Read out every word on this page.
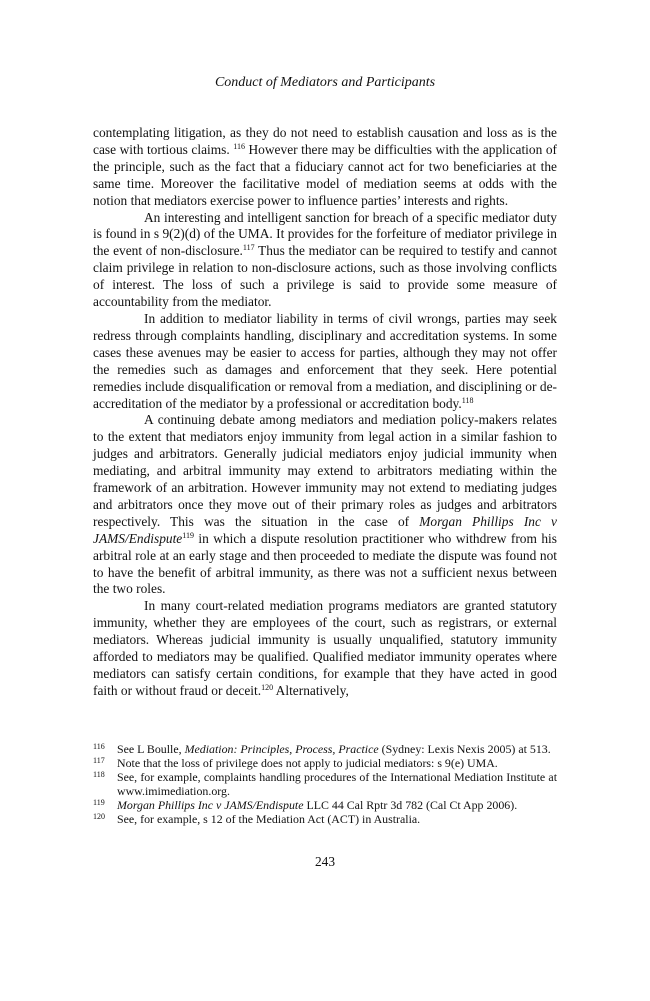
Conduct of Mediators and Participants

contemplating litigation, as they do not need to establish causation and loss as is the case with tortious claims. $^{116}$ However there may be difficulties with the application of the principle, such as the fact that a fiduciary cannot act for two beneficiaries at the same time. Moreover the facilitative model of mediation seems at odds with the notion that mediators exercise power to influence parties’ interests and rights.

An interesting and intelligent sanction for breach of a specific mediator duty is found in s 9(2)(d) of the UMA. It provides for the forfeiture of mediator privilege in the event of non-disclosure.$^{117}$ Thus the mediator can be required to testify and cannot claim privilege in relation to non-disclosure actions, such as those involving conflicts of interest. The loss of such a privilege is said to provide some measure of accountability from the mediator.

In addition to mediator liability in terms of civil wrongs, parties may seek redress through complaints handling, disciplinary and accreditation systems. In some cases these avenues may be easier to access for parties, although they may not offer the remedies such as damages and enforcement that they seek. Here potential remedies include disqualification or removal from a mediation, and disciplining or de-accreditation of the mediator by a professional or accreditation body.$^{118}$

A continuing debate among mediators and mediation policy-makers relates to the extent that mediators enjoy immunity from legal action in a similar fashion to judges and arbitrators. Generally judicial mediators enjoy judicial immunity when mediating, and arbitral immunity may extend to arbitrators mediating within the framework of an arbitration. However immunity may not extend to mediating judges and arbitrators once they move out of their primary roles as judges and arbitrators respectively. This was the situation in the case of Morgan Phillips Inc v JAMS/Endispute$^{119}$ in which a dispute resolution practitioner who withdrew from his arbitral role at an early stage and then proceeded to mediate the dispute was found not to have the benefit of arbitral immunity, as there was not a sufficient nexus between the two roles.

In many court-related mediation programs mediators are granted statutory immunity, whether they are employees of the court, such as registrars, or external mediators. Whereas judicial immunity is usually unqualified, statutory immunity afforded to mediators may be qualified. Qualified mediator immunity operates where mediators can satisfy certain conditions, for example that they have acted in good faith or without fraud or deceit.$^{120}$ Alternatively,

116 See L Boulle, Mediation: Principles, Process, Practice (Sydney: Lexis Nexis 2005) at 513.
117 Note that the loss of privilege does not apply to judicial mediators: s 9(e) UMA.
118 See, for example, complaints handling procedures of the International Mediation Institute at www.imimediation.org.
119 Morgan Phillips Inc v JAMS/Endispute LLC 44 Cal Rptr 3d 782 (Cal Ct App 2006).
120 See, for example, s 12 of the Mediation Act (ACT) in Australia.
243
